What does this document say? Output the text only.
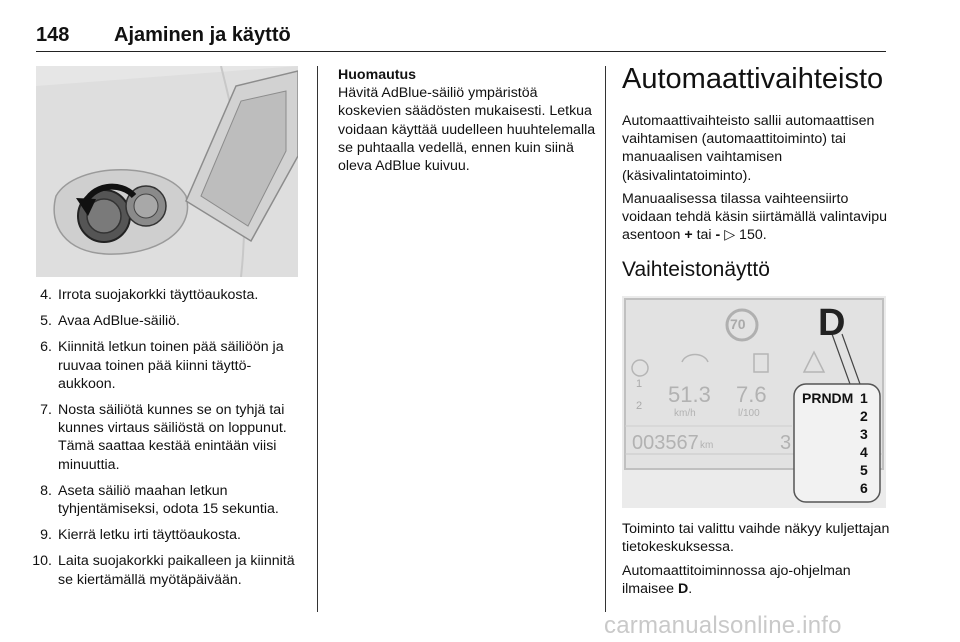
148 Ajaminen ja käyttö
4. Irrota suojakorkki täyttöaukosta.
5. Avaa AdBlue-säiliö.
6. Kiinnitä letkun toinen pää säiliöön ja ruuvaa toinen pää kiinni täyttöaukkoon.
7. Nosta säiliötä kunnes se on tyhjä tai kunnes virtaus säiliöstä on loppunut. Tämä saattaa kestää enintään viisi minuuttia.
8. Aseta säiliö maahan letkun tyhjentämiseksi, odota 15 sekuntia.
9. Kierrä letku irti täyttöaukosta.
10. Laita suojakorkki paikalleen ja kiinnitä se kiertämällä myötäpäivään.
Huomautus
Hävitä AdBlue-säiliö ympäristöä koskevien säädösten mukaisesti. Letkua voidaan käyttää uudelleen huuhtelemalla se puhtaalla vedellä, ennen kuin siinä oleva AdBlue kuivuu.
Automaattivaihteisto
Automaattivaihteisto sallii automaattisen vaihtamisen (automaattitoiminto) tai manuaalisen vaihtamisen (käsivalintatoiminto).
Manuaalisessa tilassa vaihteensiirto voidaan tehdä käsin siirtämällä valintavipu asentoon + tai - ▷ 150.
Vaihteistonäyttö
70 D
1
2 51.3
km/h
7.6
l/100
003567 km	3
PRNDM 1
2
3
4
5
6
Toiminto tai valittu vaihde näkyy kuljettajan tietokeskuksessa.
Automaattitoiminnossa ajo-ohjelman ilmaisee D.
carmanualsonline.info
